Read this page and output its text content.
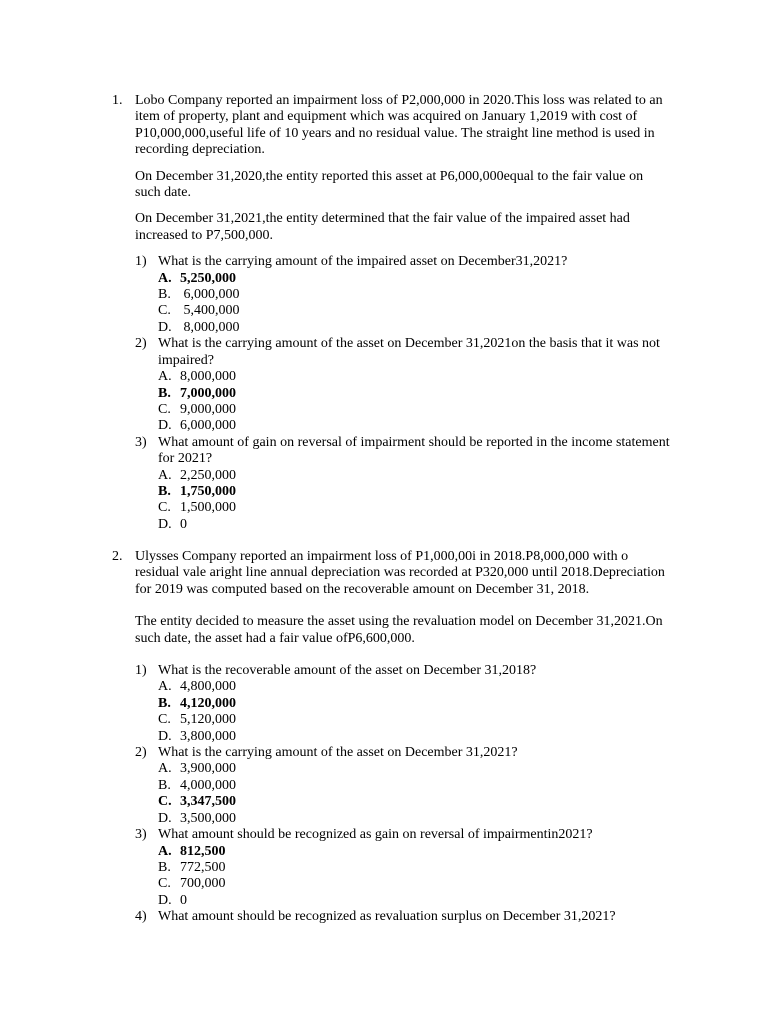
1. Lobo Company reported an impairment loss of P2,000,000 in 2020.This loss was related to an item of property, plant and equipment which was acquired on January 1,2019 with cost of P10,000,000,useful life of 10 years and no residual value. The straight line method is used in recording depreciation.

On December 31,2020,the entity reported this asset at P6,000,000equal to the fair value on such date.

On December 31,2021,the entity determined that the fair value of the impaired asset had increased to P7,500,000.

1) What is the carrying amount of the impaired asset on December31,2021?
A. 5,250,000
B. 6,000,000
C. 5,400,000
D. 8,000,000
2) What is the carrying amount of the asset on December 31,2021on the basis that it was not impaired?
A. 8,000,000
B. 7,000,000
C. 9,000,000
D. 6,000,000
3) What amount of gain on reversal of impairment should be reported in the income statement for 2021?
A. 2,250,000
B. 1,750,000
C. 1,500,000
D. 0
2. Ulysses Company reported an impairment loss of P1,000,00i in 2018.P8,000,000 with o residual vale aright line annual depreciation was recorded at P320,000 until 2018.Depreciation for 2019 was computed based on the recoverable amount on December 31, 2018.

The entity decided to measure the asset using the revaluation model on December 31,2021.On such date, the asset had a fair value ofP6,600,000.

1) What is the recoverable amount of the asset on December 31,2018?
A. 4,800,000
B. 4,120,000
C. 5,120,000
D. 3,800,000
2) What is the carrying amount of the asset on December 31,2021?
A. 3,900,000
B. 4,000,000
C. 3,347,500
D. 3,500,000
3) What amount should be recognized as gain on reversal of impairmentin2021?
A. 812,500
B. 772,500
C. 700,000
D. 0
4) What amount should be recognized as revaluation surplus on December 31,2021?
